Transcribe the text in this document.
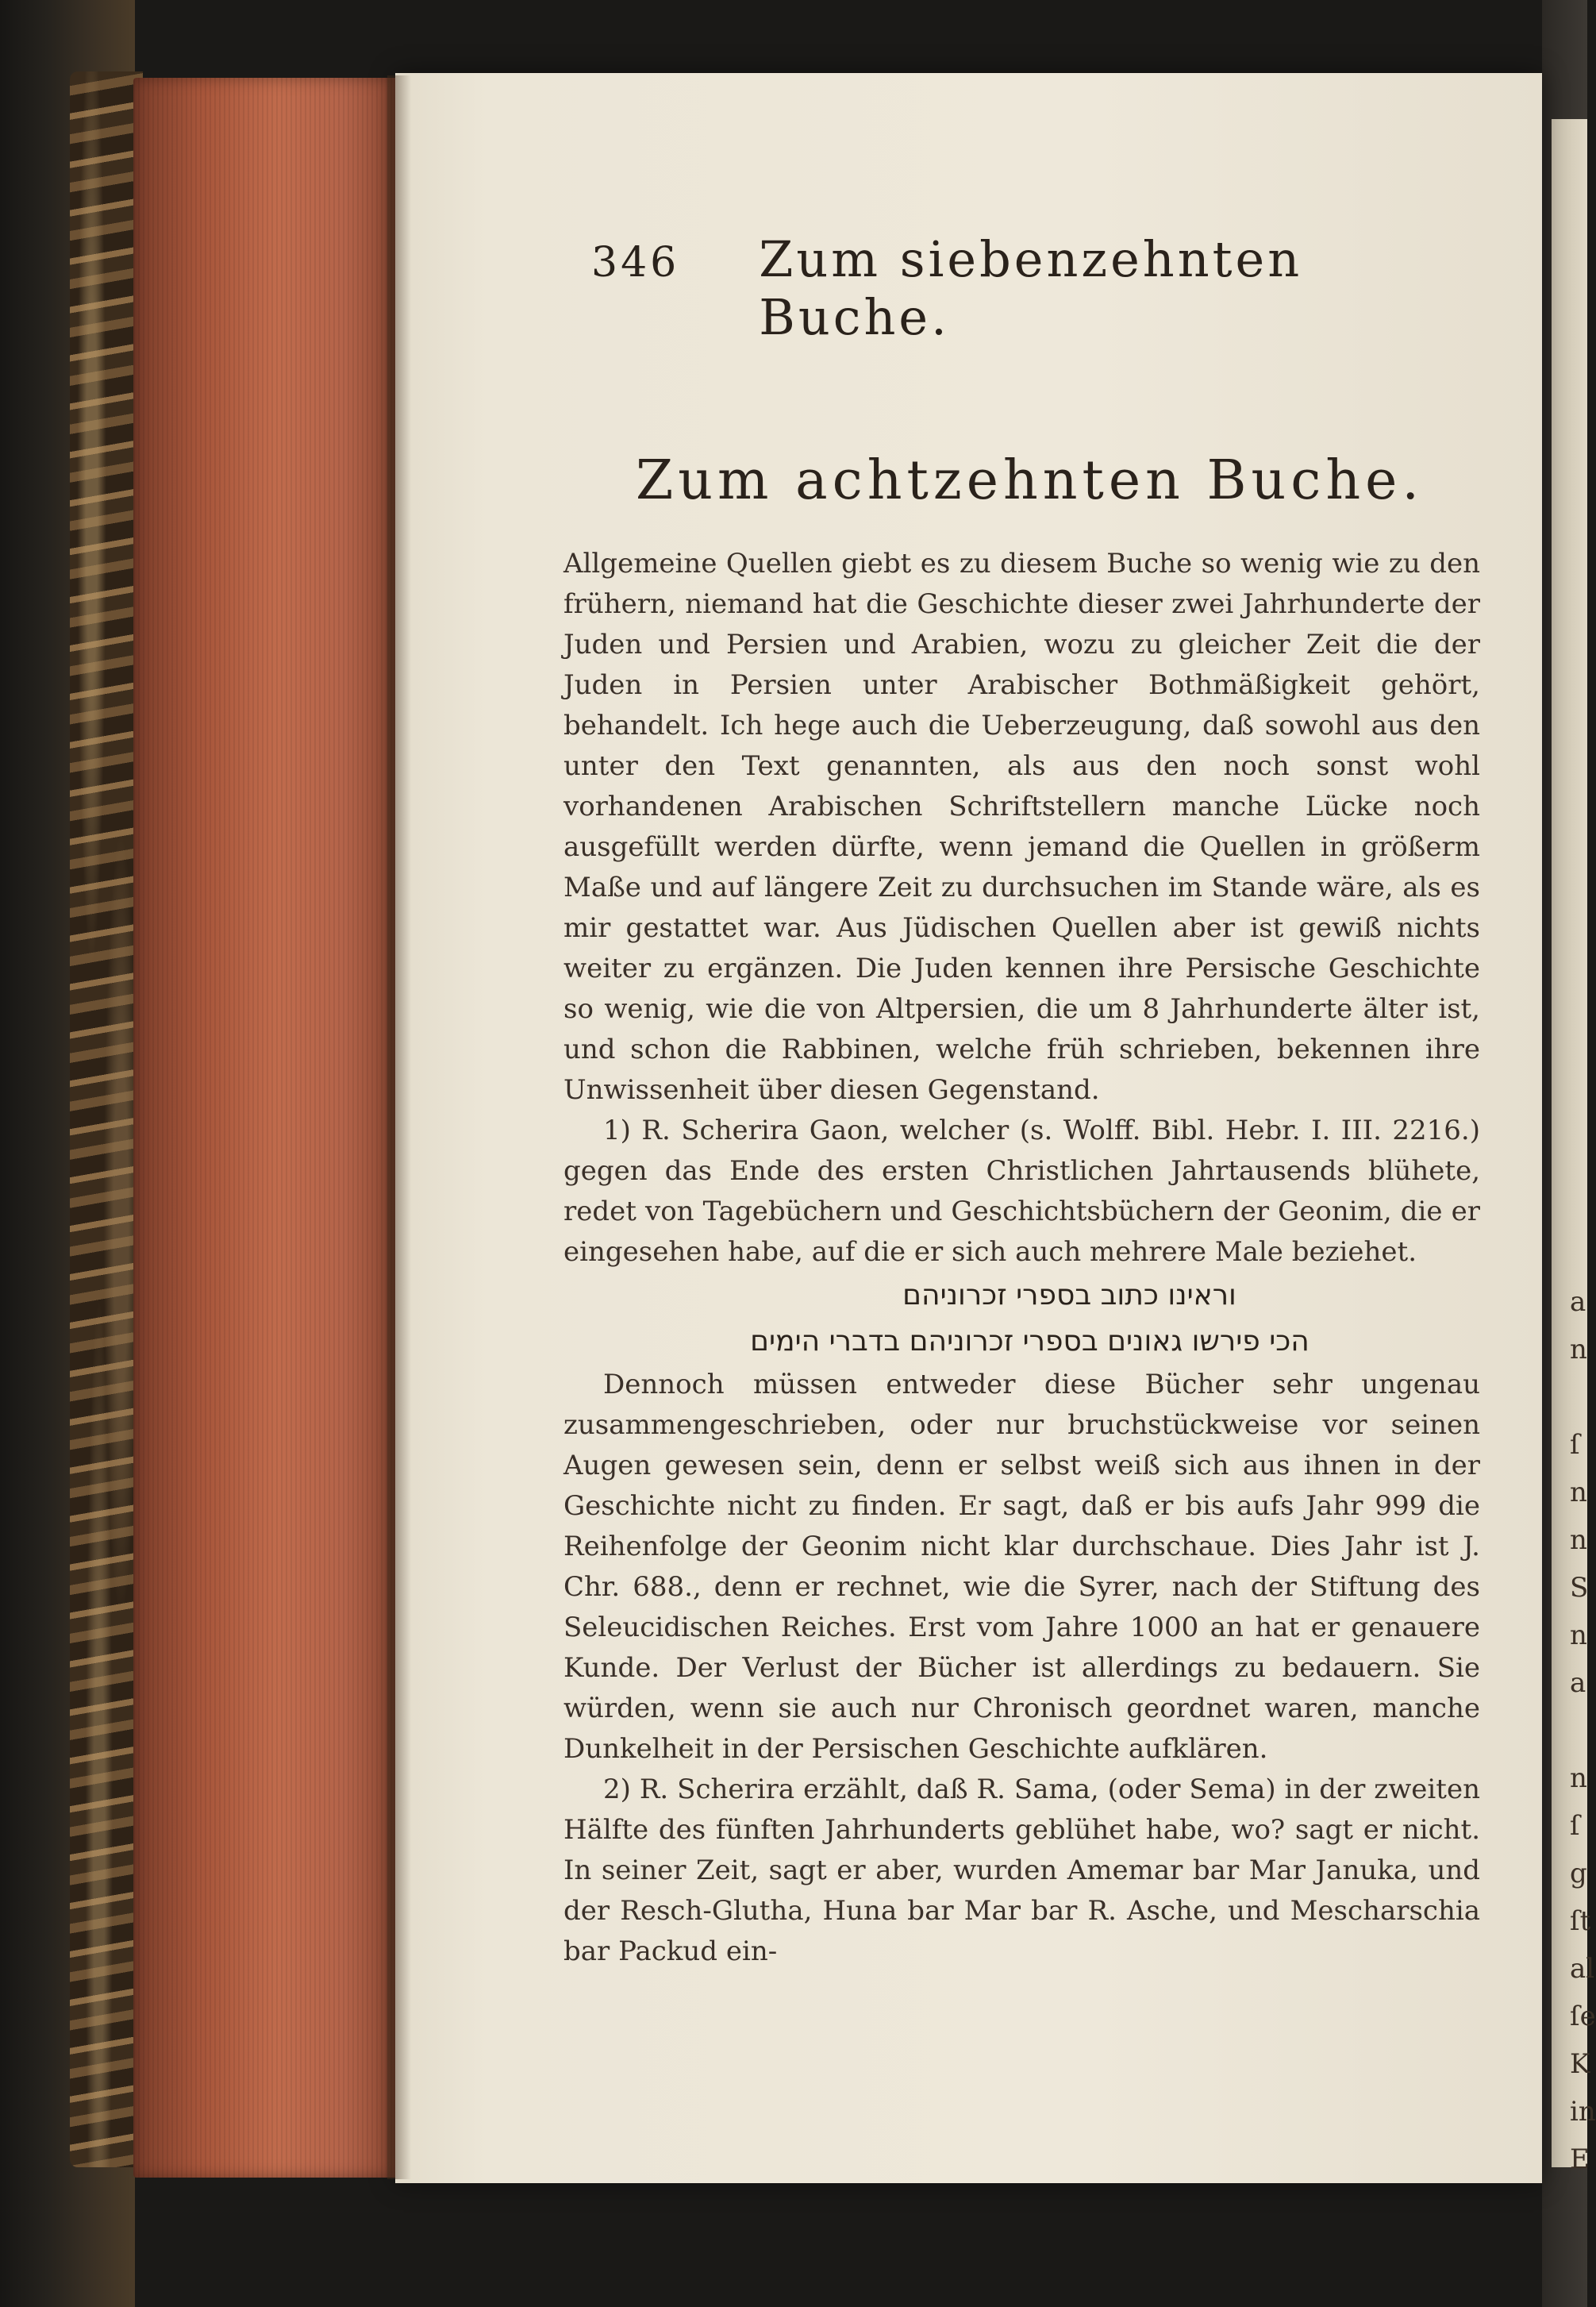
a
n

ſ
n
n
S
n
a

n
ſ
g
ſt
al
ſe
K
in
E
346 Zum siebenzehnten Buche.
Zum achtzehnten Buche.

Allgemeine Quellen giebt es zu diesem Buche so wenig wie zu den frühern, niemand hat die Geschichte dieser zwei Jahrhunderte der Juden und Persien und Arabien, wozu zu gleicher Zeit die der Juden in Persien unter Arabischer Bothmäßigkeit gehört, behandelt. Ich hege auch die Ueberzeugung, daß sowohl aus den unter den Text genannten, als aus den noch sonst wohl vorhandenen Arabischen Schriftstellern manche Lücke noch ausgefüllt werden dürfte, wenn jemand die Quellen in größerm Maße und auf längere Zeit zu durchsuchen im Stande wäre, als es mir gestattet war. Aus Jüdischen Quellen aber ist gewiß nichts weiter zu ergänzen. Die Juden kennen ihre Persische Geschichte so wenig, wie die von Altpersien, die um 8 Jahrhunderte älter ist, und schon die Rabbinen, welche früh schrieben, bekennen ihre Unwissenheit über diesen Gegenstand.

1) R. Scherira Gaon, welcher (s. Wolff. Bibl. Hebr. I. III. 2216.) gegen das Ende des ersten Christlichen Jahrtausends blühete, redet von Tagebüchern und Geschichtsbüchern der Geonim, die er eingesehen habe, auf die er sich auch mehrere Male beziehet.

וראינו כתוב בספרי זכרוניהם

הכי פירשו גאונים בספרי זכרוניהם בדברי הימים

Dennoch müssen entweder diese Bücher sehr ungenau zusammengeschrieben, oder nur bruchstückweise vor seinen Augen gewesen sein, denn er selbst weiß sich aus ihnen in der Geschichte nicht zu finden. Er sagt, daß er bis aufs Jahr 999 die Reihenfolge der Geonim nicht klar durchschaue. Dies Jahr ist J. Chr. 688., denn er rechnet, wie die Syrer, nach der Stiftung des Seleucidischen Reiches. Erst vom Jahre 1000 an hat er genauere Kunde. Der Verlust der Bücher ist allerdings zu bedauern. Sie würden, wenn sie auch nur Chronisch geordnet waren, manche Dunkelheit in der Persischen Geschichte aufklären.

2) R. Scherira erzählt, daß R. Sama, (oder Sema) in der zweiten Hälfte des fünften Jahrhunderts geblühet habe, wo? sagt er nicht. In seiner Zeit, sagt er aber, wurden Amemar bar Mar Januka, und der Resch-Glutha, Huna bar Mar bar R. Asche, und Mescharschia bar Packud ein-
